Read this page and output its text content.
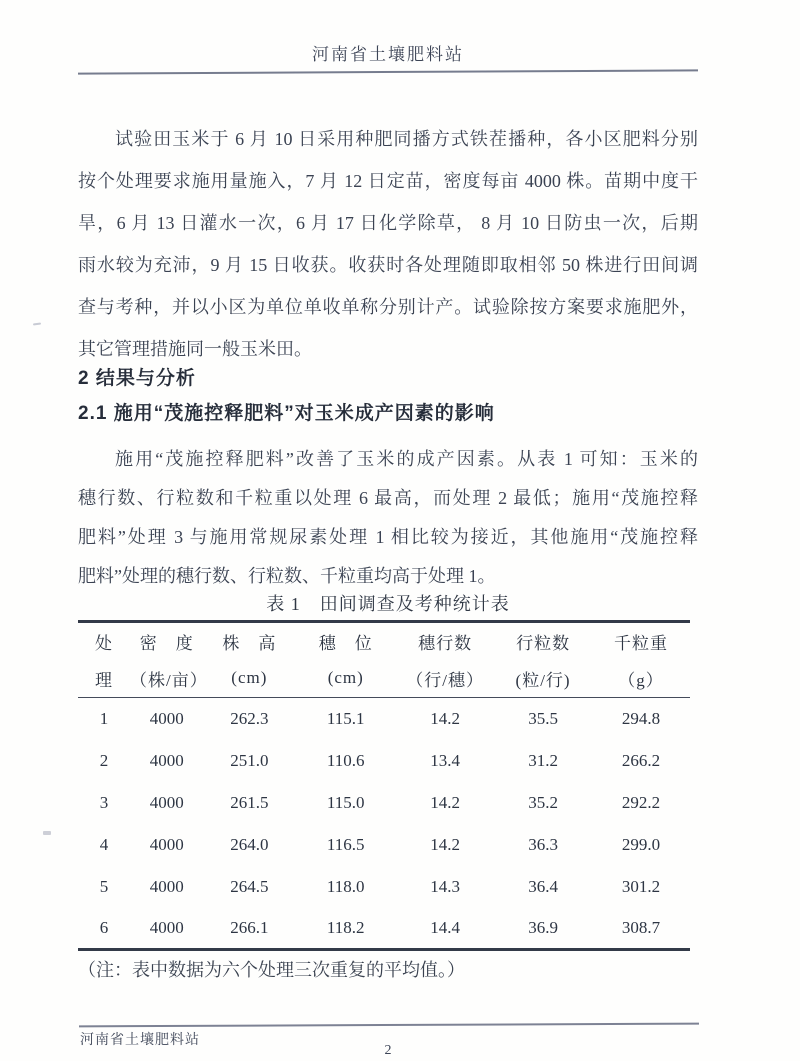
河南省土壤肥料站
试验田玉米于 6 月 10 日采用种肥同播方式铁茬播种，各小区肥料分别
按个处理要求施用量施入，7 月 12 日定苗，密度每亩 4000 株。苗期中度干
旱，6 月 13 日灌水一次，6 月 17 日化学除草， 8 月 10 日防虫一次，后期
雨水较为充沛，9 月 15 日收获。收获时各处理随即取相邻 50 株进行田间调
查与考种，并以小区为单位单收单称分别计产。试验除按方案要求施肥外，
其它管理措施同一般玉米田。
2 结果与分析
2.1 施用“茂施控释肥料”对玉米成产因素的影响
施用“茂施控释肥料”改善了玉米的成产因素。从表 1 可知：玉米的
穗行数、行粒数和千粒重以处理 6 最高，而处理 2 最低；施用“茂施控释
肥料”处理 3 与施用常规尿素处理 1 相比较为接近，其他施用“茂施控释
肥料”处理的穗行数、行粒数、千粒重均高于处理 1。
表 1　田间调查及考种统计表
处	密　度	株　高	穗　位	穗行数	行粒数	千粒重
理	（株/亩）	(cm)	(cm)	（行/穗）	(粒/行)	（g）
1	4000	262.3	115.1	14.2	35.5	294.8
2	4000	251.0	110.6	13.4	31.2	266.2
3	4000	261.5	115.0	14.2	35.2	292.2
4	4000	264.0	116.5	14.2	36.3	299.0
5	4000	264.5	118.0	14.3	36.4	301.2
6	4000	266.1	118.2	14.4	36.9	308.7
（注：表中数据为六个处理三次重复的平均值。）
河南省土壤肥料站
2
